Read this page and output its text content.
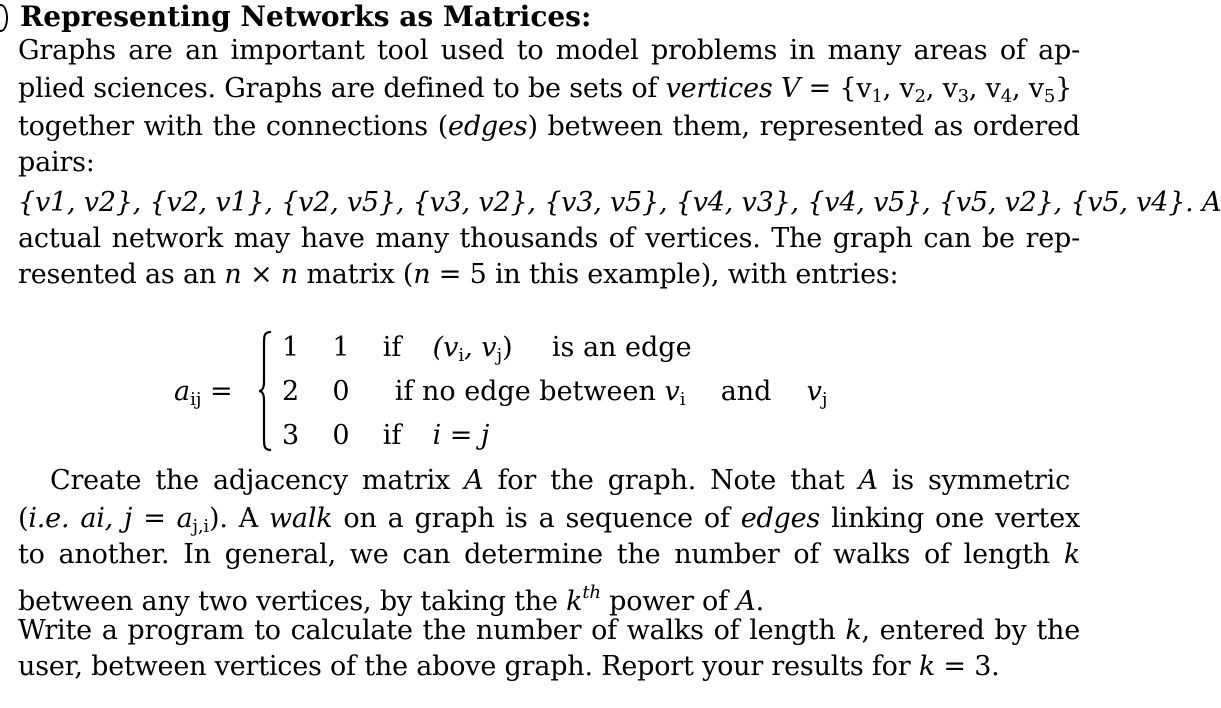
Representing Networks as Matrices:
Graphs are an important tool used to model problems in many areas of ap-
plied sciences. Graphs are defined to be sets of vertices $V = \{v_1$, $v_2$, $v_3$, $v_4$, $v_5$}
together with the connections (edges) between them, represented as ordered
pairs:
{v1, v2}, {v2, v1}, {v2, v5}, {v3, v2}, {v3, v5}, {v4, v3}, {v4, v5}, {v5, v2}, {v5, v4}. A
actual network may have many thousands of vertices. The graph can be rep-
resented as an n × n matrix (n = 5 in this example), with entries:
$a_{ij}$ =
1 1 if ($v_i$, $v_j$) is an edge
2 0 if no edge between $v_i$ and $v_j$
3 0 if i = j
Create the adjacency matrix A for the graph. Note that A is symmetric
(i.e. ai, $j = a_{j,i}$). A walk on a graph is a sequence of edges linking one vertex
to another. In general, we can determine the number of walks of length k
between any two vertices, by taking the $k^{th}$ power of A.
Write a program to calculate the number of walks of length k, entered by the
user, between vertices of the above graph. Report your results for k = 3.
